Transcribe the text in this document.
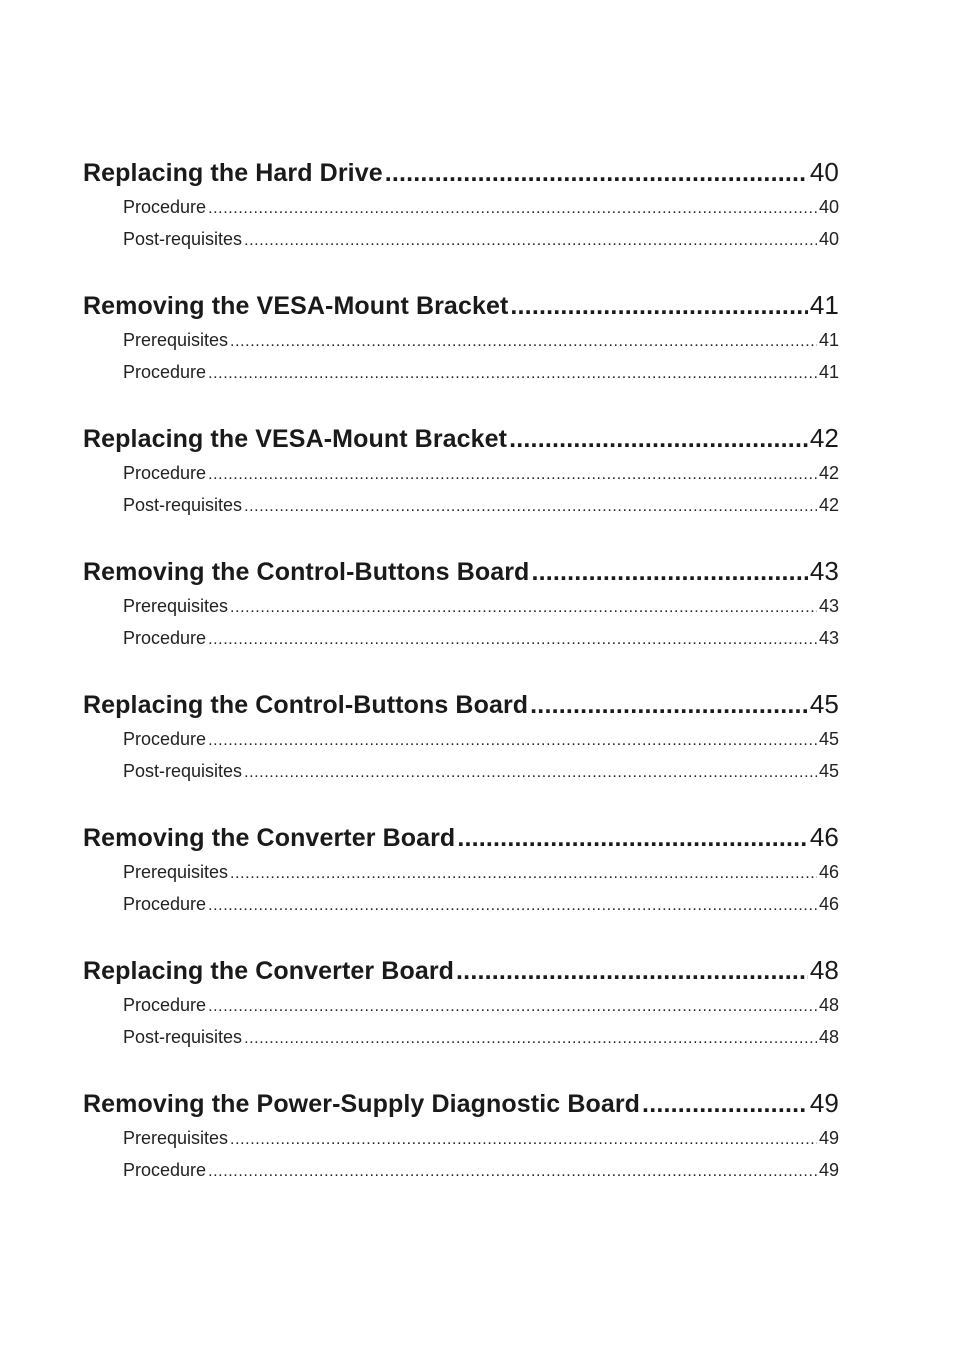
Replacing the Hard Drive .....	40
Procedure .....	40
Post-requisites .....	40
Removing the VESA-Mount Bracket .....	41
Prerequisites .....	41
Procedure .....	41
Replacing the VESA-Mount Bracket .....	42
Procedure .....	42
Post-requisites .....	42
Removing the Control-Buttons Board .....	43
Prerequisites .....	43
Procedure .....	43
Replacing the Control-Buttons Board .....	45
Procedure .....	45
Post-requisites .....	45
Removing the Converter Board .....	46
Prerequisites .....	46
Procedure .....	46
Replacing the Converter Board .....	48
Procedure .....	48
Post-requisites .....	48
Removing the Power-Supply Diagnostic Board .....	49
Prerequisites .....	49
Procedure .....	49
